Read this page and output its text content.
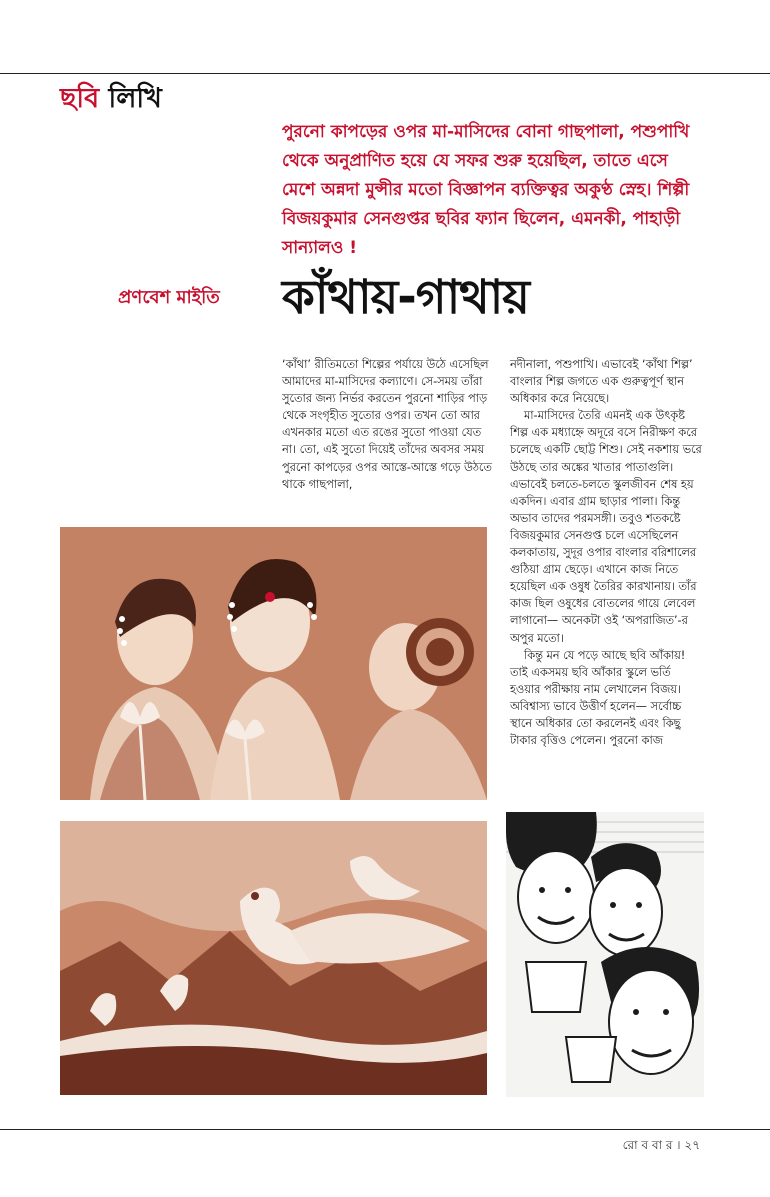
ছবি লিখি

পুরনো কাপড়ের ওপর মা-মাসিদের বোনা গাছপালা, পশুপাখি থেকে অনুপ্রাণিত হয়ে যে সফর শুরু হয়েছিল, তাতে এসে মেশে অন্নদা মুন্সীর মতো বিজ্ঞাপন ব্যক্তিত্বর অকুণ্ঠ স্নেহ। শিল্পী বিজয়কুমার সেনগুপ্তর ছবির ফ্যান ছিলেন, এমনকী, পাহাড়ী সান্যালও !

প্রণবেশ মাইতি কাঁথায়-গাথায়

‘কাঁথা’ রীতিমতো শিল্পের পর্যায়ে উঠে এসেছিল আমাদের মা-মাসিদের কল্যাণে। সে-সময় তাঁরা সুতোর জন্য নির্ভর করতেন পুরনো শাড়ির পাড় থেকে সংগৃহীত সুতোর ওপর। তখন তো আর এখনকার মতো এত রঙের সুতো পাওয়া যেত না। তো, এই সুতো দিয়েই তাঁদের অবসর সময় পুরনো কাপড়ের ওপর আস্তে-আস্তে গড়ে উঠতে থাকে গাছপালা,

নদীনালা, পশুপাখি। এভাবেই ‘কাঁথা শিল্প’ বাংলার শিল্প জগতে এক গুরুত্বপূর্ণ স্থান অধিকার করে নিয়েছে।
মা-মাসিদের তৈরি এমনই এক উৎকৃষ্ট শিল্প এক মধ্যাহ্নে অদূরে বসে নিরীক্ষণ করে চলেছে একটি ছোট্ট শিশু। সেই নকশায় ভরে উঠছে তার অঙ্কের খাতার পাতাগুলি। এভাবেই চলতে-চলতে স্কুলজীবন শেষ হয় একদিন। এবার গ্রাম ছাড়ার পালা। কিন্তু অভাব তাদের পরমসঙ্গী। তবুও শতকষ্টে বিজয়কুমার সেনগুপ্ত চলে এসেছিলেন কলকাতায়, সুদূর ওপার বাংলার বরিশালের গুঠিয়া গ্রাম ছেড়ে। এখানে কাজ নিতে হয়েছিল এক ওষুধ তৈরির কারখানায়। তাঁর কাজ ছিল ওষুধের বোতলের গায়ে লেবেল লাগানো— অনেকটা ওই ‘অপরাজিত’-র অপুর মতো।
কিন্তু মন যে পড়ে আছে ছবি আঁকায়! তাই একসময় ছবি আঁকার স্কুলে ভর্তি হওয়ার পরীক্ষায় নাম লেখালেন বিজয়। অবিশ্বাস্য ভাবে উত্তীর্ণ হলেন— সর্বোচ্চ স্থানে অধিকার তো করলেনই এবং কিছু টাকার বৃত্তিও পেলেন। পুরনো কাজ
রো ব বা র । ২৭
